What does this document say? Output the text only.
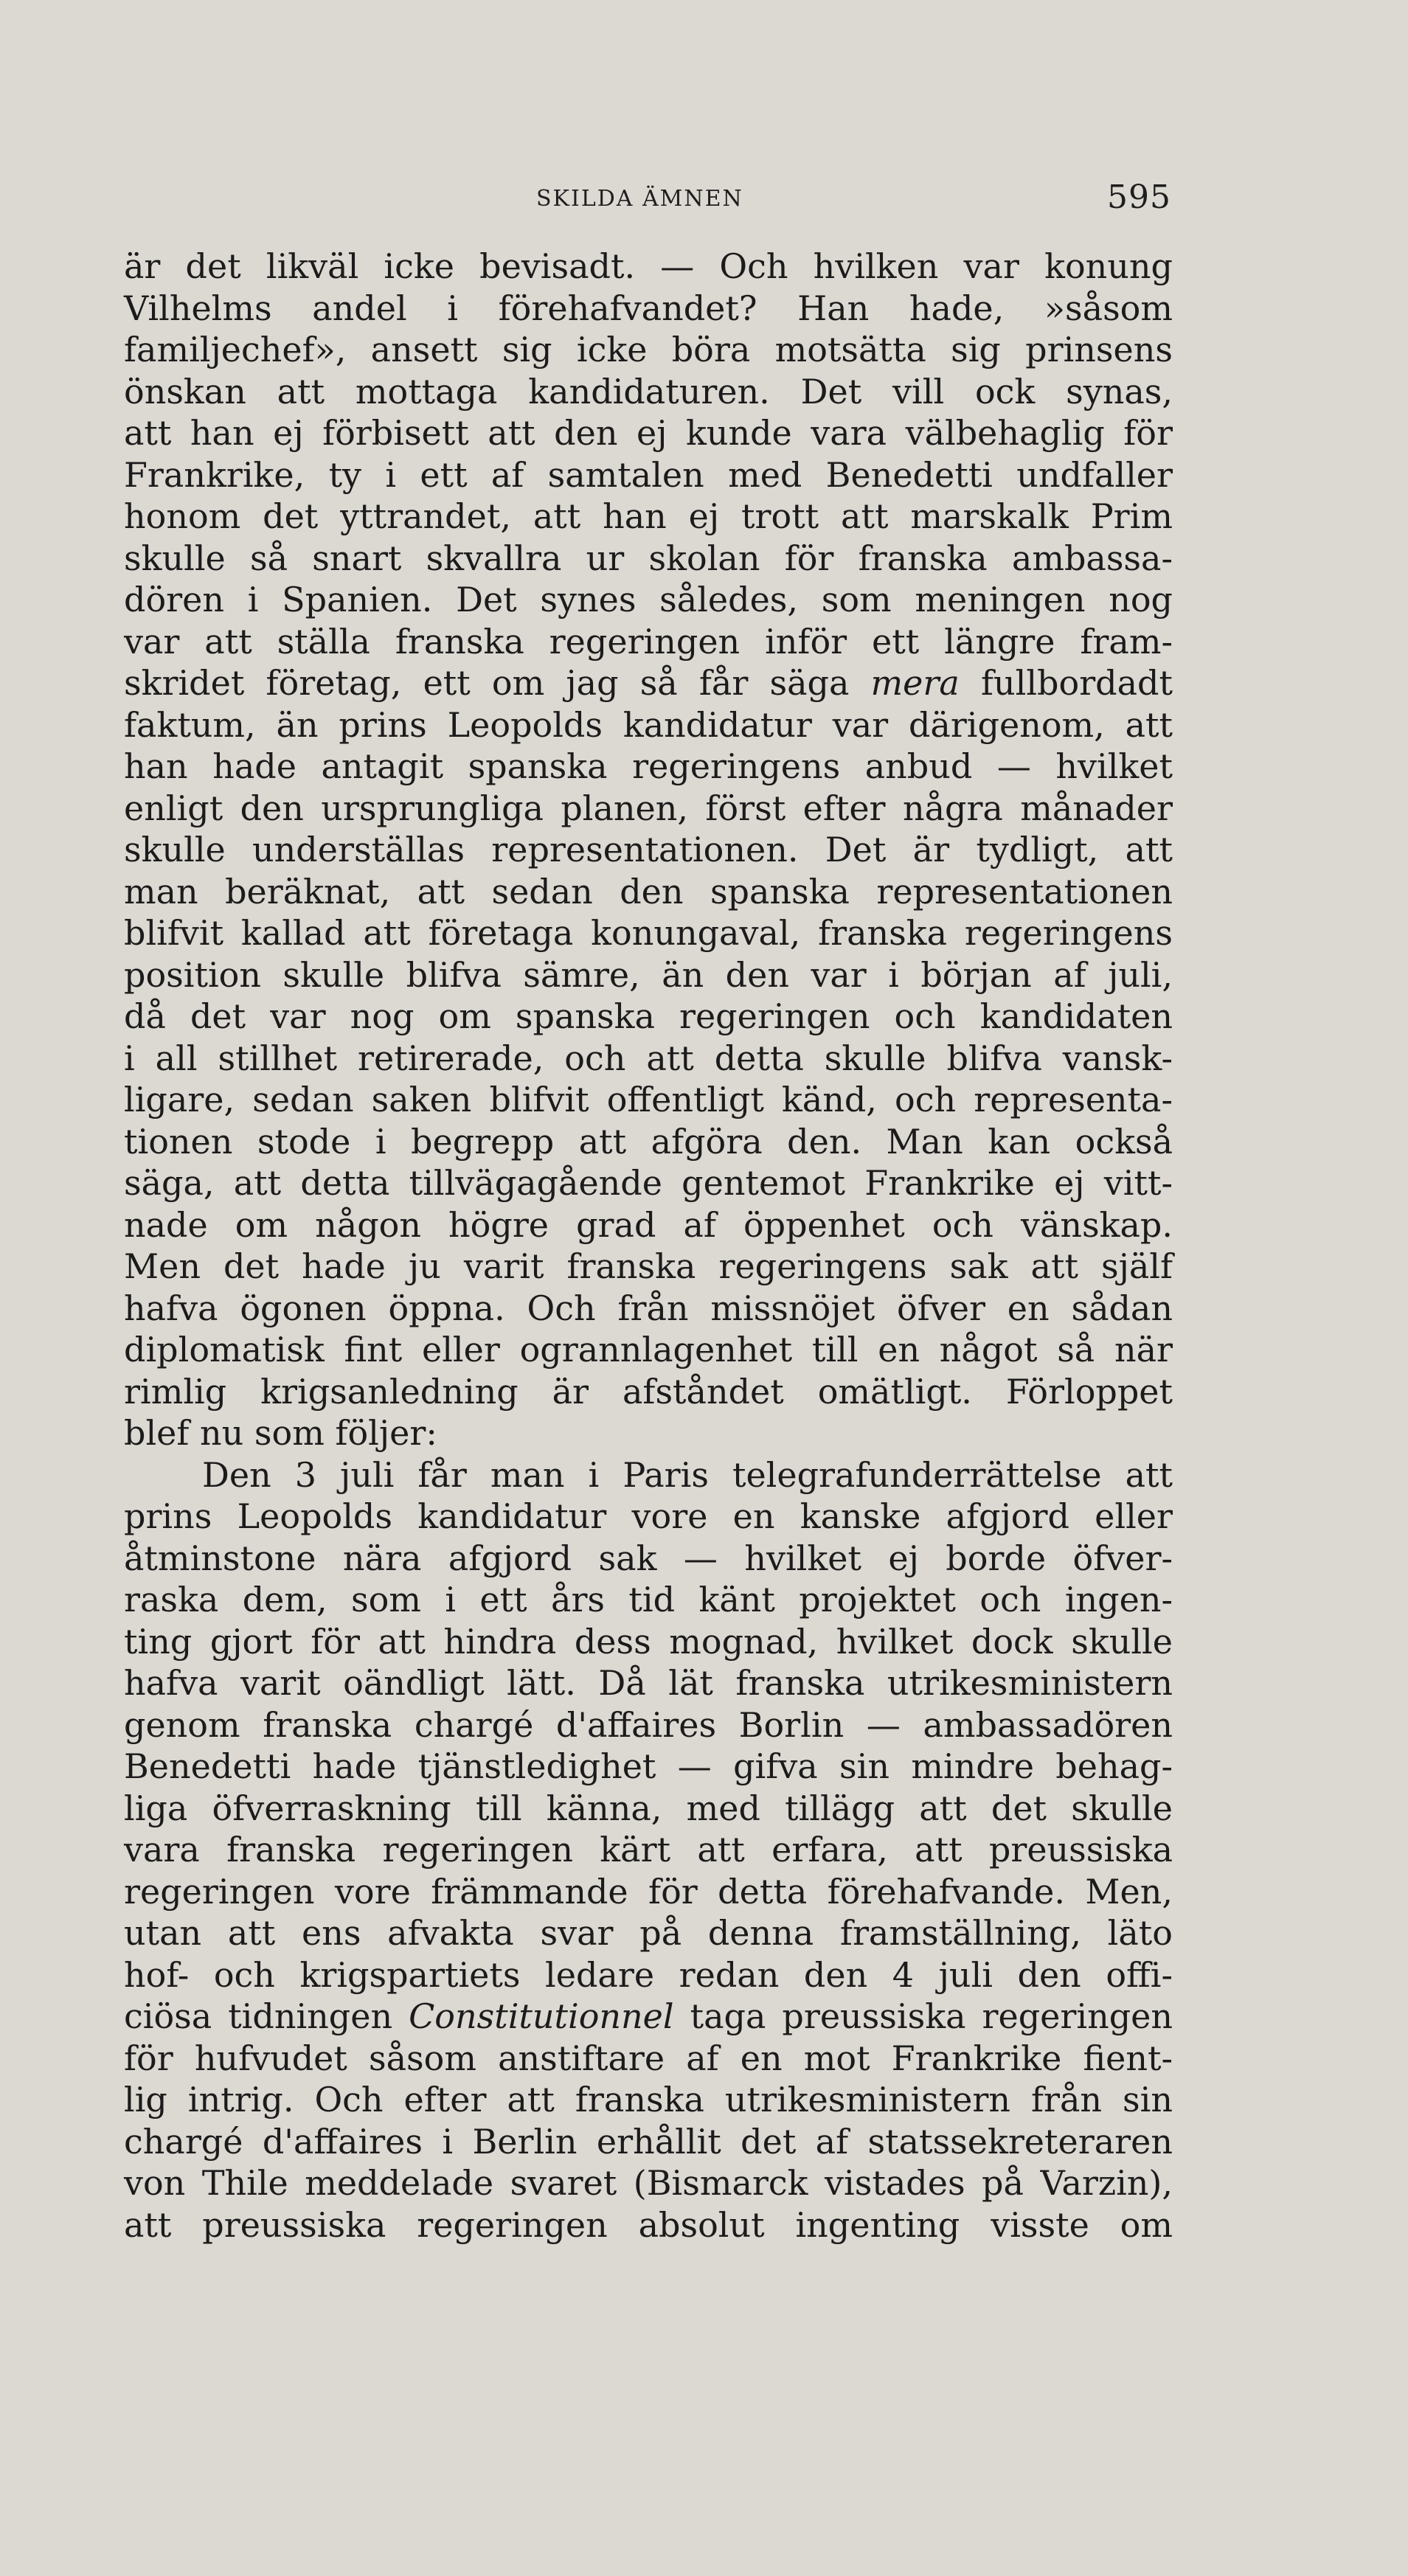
SKILDA ÄMNEN	595
är det likväl icke bevisadt. — Och hvilken var konung
Vilhelms andel i förehafvandet? Han hade, »såsom
familjechef», ansett sig icke böra motsätta sig prinsens
önskan att mottaga kandidaturen. Det vill ock synas,
att han ej förbisett att den ej kunde vara välbehaglig för
Frankrike, ty i ett af samtalen med Benedetti undfaller
honom det yttrandet, att han ej trott att marskalk Prim
skulle så snart skvallra ur skolan för franska ambassa-
dören i Spanien. Det synes således, som meningen nog
var att ställa franska regeringen inför ett längre fram-
skridet företag, ett om jag så får säga mera fullbordadt
faktum, än prins Leopolds kandidatur var därigenom, att
han hade antagit spanska regeringens anbud — hvilket
enligt den ursprungliga planen, först efter några månader
skulle underställas representationen. Det är tydligt, att
man beräknat, att sedan den spanska representationen
blifvit kallad att företaga konungaval, franska regeringens
position skulle blifva sämre, än den var i början af juli,
då det var nog om spanska regeringen och kandidaten
i all stillhet retirerade, och att detta skulle blifva vansk-
ligare, sedan saken blifvit offentligt känd, och representa-
tionen stode i begrepp att afgöra den. Man kan också
säga, att detta tillvägagående gentemot Frankrike ej vitt-
nade om någon högre grad af öppenhet och vänskap.
Men det hade ju varit franska regeringens sak att själf
hafva ögonen öppna. Och från missnöjet öfver en sådan
diplomatisk fint eller ogrannlagenhet till en något så när
rimlig krigsanledning är afståndet omätligt. Förloppet
blef nu som följer:
Den 3 juli får man i Paris telegrafunderrättelse att
prins Leopolds kandidatur vore en kanske afgjord eller
åtminstone nära afgjord sak — hvilket ej borde öfver-
raska dem, som i ett års tid känt projektet och ingen-
ting gjort för att hindra dess mognad, hvilket dock skulle
hafva varit oändligt lätt. Då lät franska utrikesministern
genom franska chargé d'affaires Borlin — ambassadören
Benedetti hade tjänstledighet — gifva sin mindre behag-
liga öfverraskning till känna, med tillägg att det skulle
vara franska regeringen kärt att erfara, att preussiska
regeringen vore främmande för detta förehafvande. Men,
utan att ens afvakta svar på denna framställning, läto
hof- och krigspartiets ledare redan den 4 juli den offi-
ciösa tidningen Constitutionnel taga preussiska regeringen
för hufvudet såsom anstiftare af en mot Frankrike fient-
lig intrig. Och efter att franska utrikesministern från sin
chargé d'affaires i Berlin erhållit det af statssekreteraren
von Thile meddelade svaret (Bismarck vistades på Varzin),
att preussiska regeringen absolut ingenting visste om
